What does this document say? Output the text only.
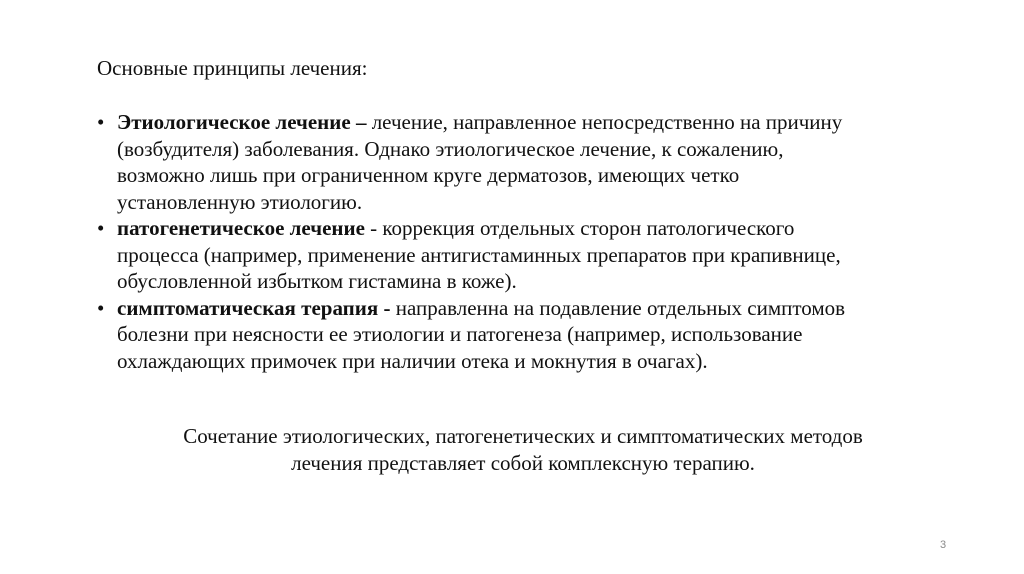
Основные принципы лечения:
• Этиологическое лечение – лечение, направленное непосредственно на причину
(возбудителя) заболевания. Однако этиологическое лечение, к сожалению,
возможно лишь при ограниченном круге дерматозов, имеющих четко
установленную этиологию.
• патогенетическое лечение - коррекция отдельных сторон патологического
процесса (например, применение антигистаминных препаратов при крапивнице,
обусловленной избытком гистамина в коже).
• симптоматическая терапия - направленна на подавление отдельных симптомов
болезни при неясности ее этиологии и патогенеза (например, использование
охлаждающих примочек при наличии отека и мокнутия в очагах).
Сочетание этиологических, патогенетических и симптоматических методов
лечения представляет собой комплексную терапию.
3
